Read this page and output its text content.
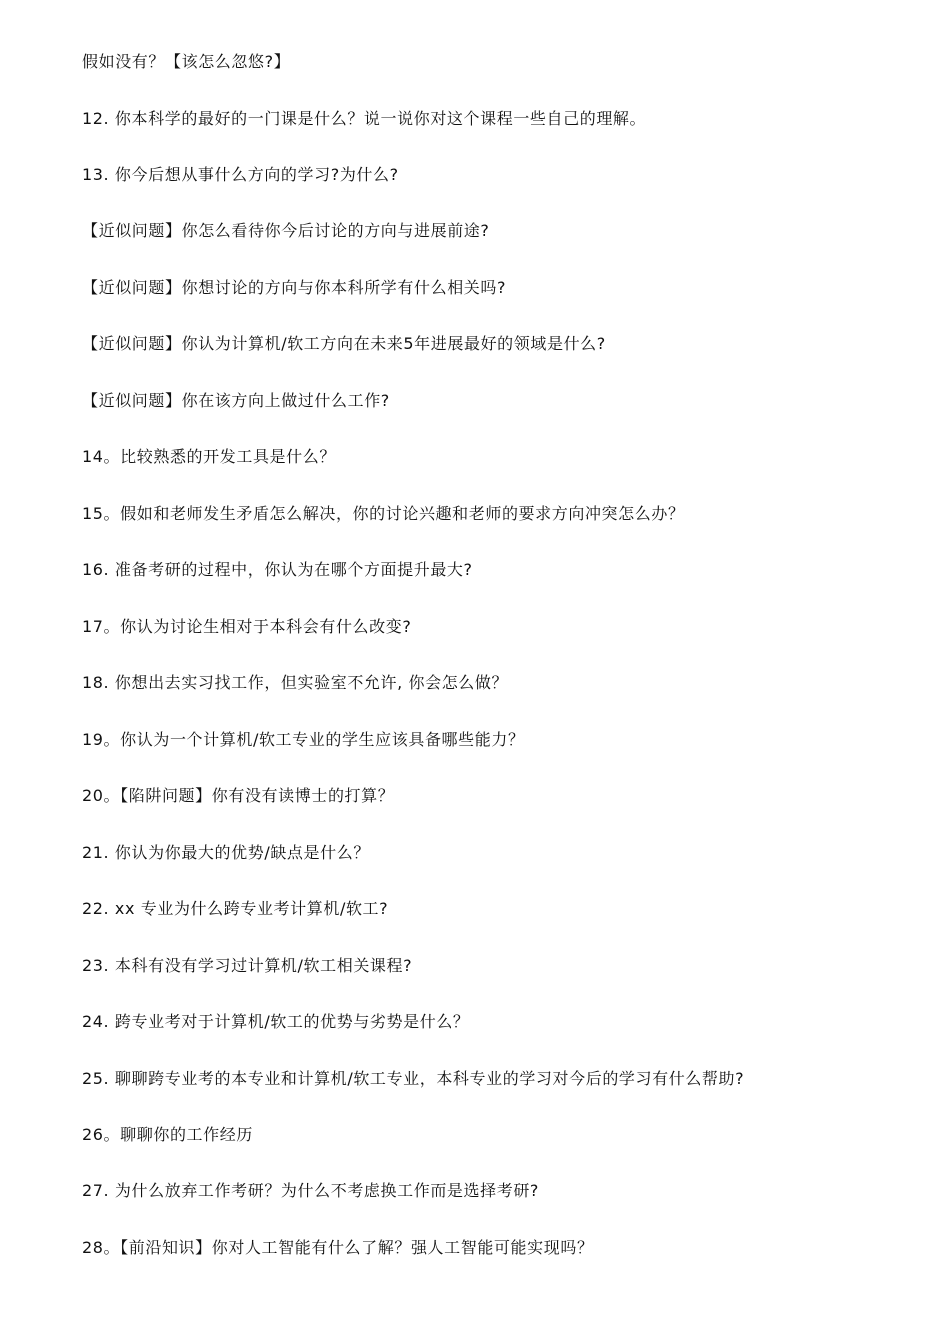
假如没有？【该怎么忽悠?】
12. 你本科学的最好的一门课是什么？说一说你对这个课程一些自己的理解。
13. 你今后想从事什么方向的学习?为什么?
【近似问题】你怎么看待你今后讨论的方向与进展前途?
【近似问题】你想讨论的方向与你本科所学有什么相关吗?
【近似问题】你认为计算机/软工方向在未来5年进展最好的领域是什么?
【近似问题】你在该方向上做过什么工作?
14。比较熟悉的开发工具是什么？
15。假如和老师发生矛盾怎么解决，你的讨论兴趣和老师的要求方向冲突怎么办？
16. 准备考研的过程中，你认为在哪个方面提升最大?
17。你认为讨论生相对于本科会有什么改变?
18. 你想出去实习找工作，但实验室不允许, 你会怎么做？
19。你认为一个计算机/软工专业的学生应该具备哪些能力？
20。【陷阱问题】你有没有读博士的打算？
21. 你认为你最大的优势/缺点是什么？
22. xx 专业为什么跨专业考计算机/软工?
23. 本科有没有学习过计算机/软工相关课程?
24. 跨专业考对于计算机/软工的优势与劣势是什么？
25. 聊聊跨专业考的本专业和计算机/软工专业，本科专业的学习对今后的学习有什么帮助?
26。聊聊你的工作经历
27. 为什么放弃工作考研？为什么不考虑换工作而是选择考研?
28。【前沿知识】你对人工智能有什么了解？强人工智能可能实现吗？
